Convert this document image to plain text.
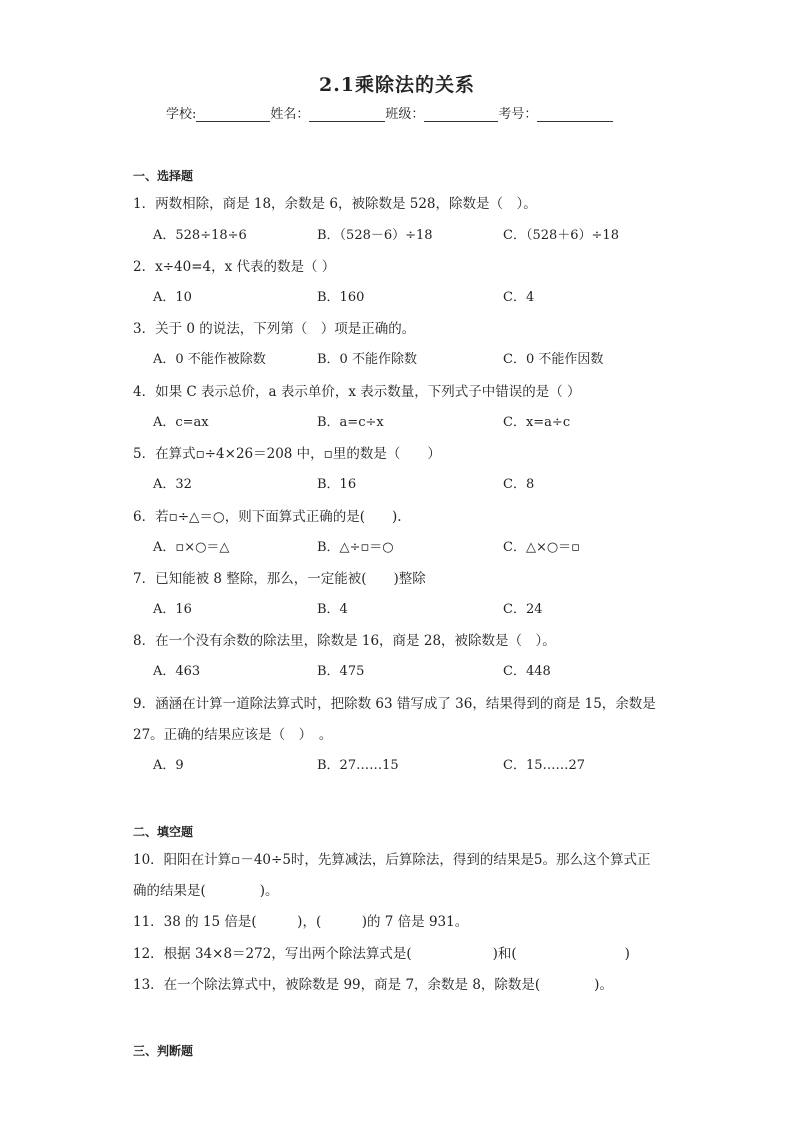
2.1乘除法的关系
学校:	姓名：	班级：	考号：
一、选择题
1．两数相除，商是 18，余数是 6，被除数是 528，除数是（　）。
A．528÷18÷6	B．（528－6）÷18	C．（528＋6）÷18
2．x÷40=4，x 代表的数是（ ）
A．10	B．160	C．4
3．关于 0 的说法，下列第（　）项是正确的。
A．0 不能作被除数	B．0 不能作除数	C．0 不能作因数
4．如果 C 表示总价，a 表示单价，x 表示数量，下列式子中错误的是（ ）
A．c=ax	B．a=c÷x	C．x=a÷c
5．在算式▫÷4×26＝208 中，▫里的数是（　　）
A．32	B．16	C．8
6．若▫÷△＝○，则下面算式正确的是(　　).
A．▫×○＝△	B．△÷▫＝○	C．△×○＝▫
7．已知能被 8 整除，那么，一定能被(　　)整除
A．16	B．4	C．24
8．在一个没有余数的除法里，除数是 16，商是 28，被除数是（　）。
A．463	B．475	C．448
9．涵涵在计算一道除法算式时，把除数 63 错写成了 36，结果得到的商是 15，余数是
27。正确的结果应该是（　）　。
A．9	B．27……15	C．15……27
二、填空题
10．阳阳在计算▫－40÷5时，先算减法，后算除法，得到的结果是5。那么这个算式正
确的结果是(　　　　)。
11．38 的 15 倍是(　　　)，(　　　)的 7 倍是 931。
12．根据 34×8＝272，写出两个除法算式是(　　　　　　)和(　　　　　　　　)
13．在一个除法算式中，被除数是 99，商是 7，余数是 8，除数是(　　　　)。
三、判断题
